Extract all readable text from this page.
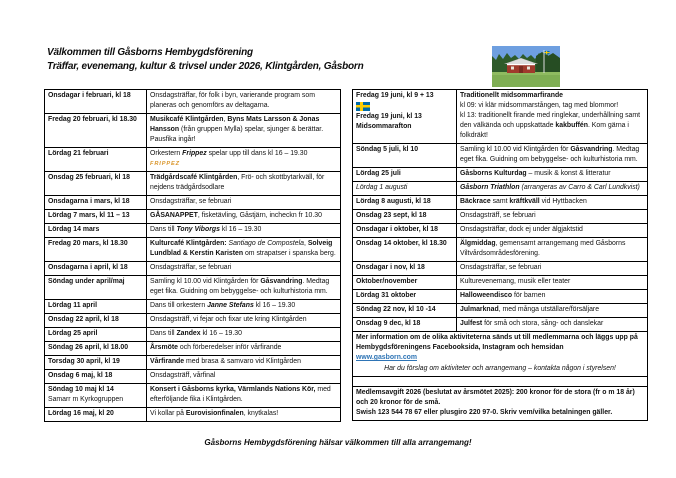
Välkommen till Gåsborns Hembygdsförening
Träffar, evenemang, kultur & trivsel under 2026, Klintgården, Gåsborn
Onsdagar i februari, kl 18	Onsdagsträffar, för folk i byn, varierande program som planeras och genomförs av deltagarna.
Fredag 20 februari, kl 18.30	Musikcafé Klintgården, Byns Mats Larsson & Jonas Hansson (från gruppen Mylla) spelar, sjunger & berättar. Pausfika ingår!
Lördag 21 februari	Orkestern Frippez spelar upp till dans kl 16 – 19.30
FRIPPEZ
Onsdag 25 februari, kl 18	Trädgårdscafé Klintgården, Frö- och skottbytarkväll, för nejdens trädgårdsodlare
Onsdagarna i mars, kl 18	Onsdagsträffar, se februari
Lördag 7 mars, kl 11 – 13	GÅSANAPPET, fisketävling, Gåstjärn, incheckn fr 10.30
Lördag 14 mars	Dans till Tony Viborgs kl 16 – 19.30
Fredag 20 mars, kl 18.30	Kulturcafé Klintgården: Santiago de Compostela, Solveig Lundblad & Kerstin Karisten om strapatser i spanska berg.
Onsdagarna i april, kl 18	Onsdagsträffar, se februari
Söndag under april/maj	Samling kl 10.00 vid Klintgården för Gåsvandring. Medtag eget fika. Guidning om bebyggelse- och kulturhistoria mm.
Lördag 11 april	Dans till orkestern Janne Stefans kl 16 – 19.30
Onsdag 22 april, kl 18	Onsdagsträff, vi fejar och fixar ute kring Klintgården
Lördag 25 april	Dans till Zandex kl 16 – 19.30
Söndag 26 april, kl 18.00	Årsmöte och förberedelser inför vårfirande
Torsdag 30 april, kl 19	Vårfirande med brasa & samvaro vid Klintgården
Onsdag 6 maj, kl 18	Onsdagsträff, vårfinal
Söndag 10 maj kl 14
Samarr m Kyrkogruppen	Konsert i Gåsborns kyrka, Värmlands Nations Kör, med efterföljande fika i Klintgården.
Lördag 16 maj, kl 20	Vi kollar på Eurovisionfinalen, knytkalas!
Fredag 19 juni, kl 9 + 13

Fredag 19 juni, kl 13
Midsommarafton	Traditionellt midsommarfirande
kl 09: vi klär midsommarstången, tag med blommor!
kl 13: traditionellt firande med ringlekar, underhållning samt den välkända och uppskattade kakbuffén. Kom gärna i folkdräkt!
Söndag 5 juli, kl 10	Samling kl 10.00 vid Klintgården för Gåsvandring. Medtag eget fika. Guidning om bebyggelse- och kulturhistoria mm.
Lördag 25 juli	Gåsborns Kulturdag – musik & konst & litteratur
Lördag 1 augusti	Gåsborn Triathlon (arrangeras av Carro & Carl Lundkvist)
Lördag 8 augusti, kl 18	Bäckrace samt kräftkväll vid Hyttbacken
Onsdag 23 sept, kl 18	Onsdagsträff, se februari
Onsdagar i oktober, kl 18	Onsdagsträffar, dock ej under älgjaktstid
Onsdag 14 oktober, kl 18.30	Älgmiddag, gemensamt arrangemang med Gåsborns Viltvårdsområdesförening.
Onsdagar i nov, kl 18	Onsdagsträffar, se februari
Oktober/november	Kulturevenemang, musik eller teater
Lördag 31 oktober	Halloweendisco för barnen
Söndag 22 nov, kl 10 -14	Julmarknad, med många utställare/försäljare
Onsdag 9 dec, kl 18	Julfest för små och stora, sång- och danslekar
Mer information om de olika aktiviteterna sänds ut till medlemmarna och läggs upp på Hembygdsföreningens Facebooksida, Instagram och hemsidan
www.gasborn.com
Har du förslag om aktiviteter och arrangemang – kontakta någon i styrelsen!	

Medlemsavgift 2026 (beslutat av årsmötet 2025): 200 kronor för de stora (fr o m 18 år) och 20 kronor för de små.
Swish 123 544 78 67 eller plusgiro 220 97-0. Skriv vem/vilka betalningen gäller.	
Gåsborns Hembygdsförening hälsar välkommen till alla arrangemang!
